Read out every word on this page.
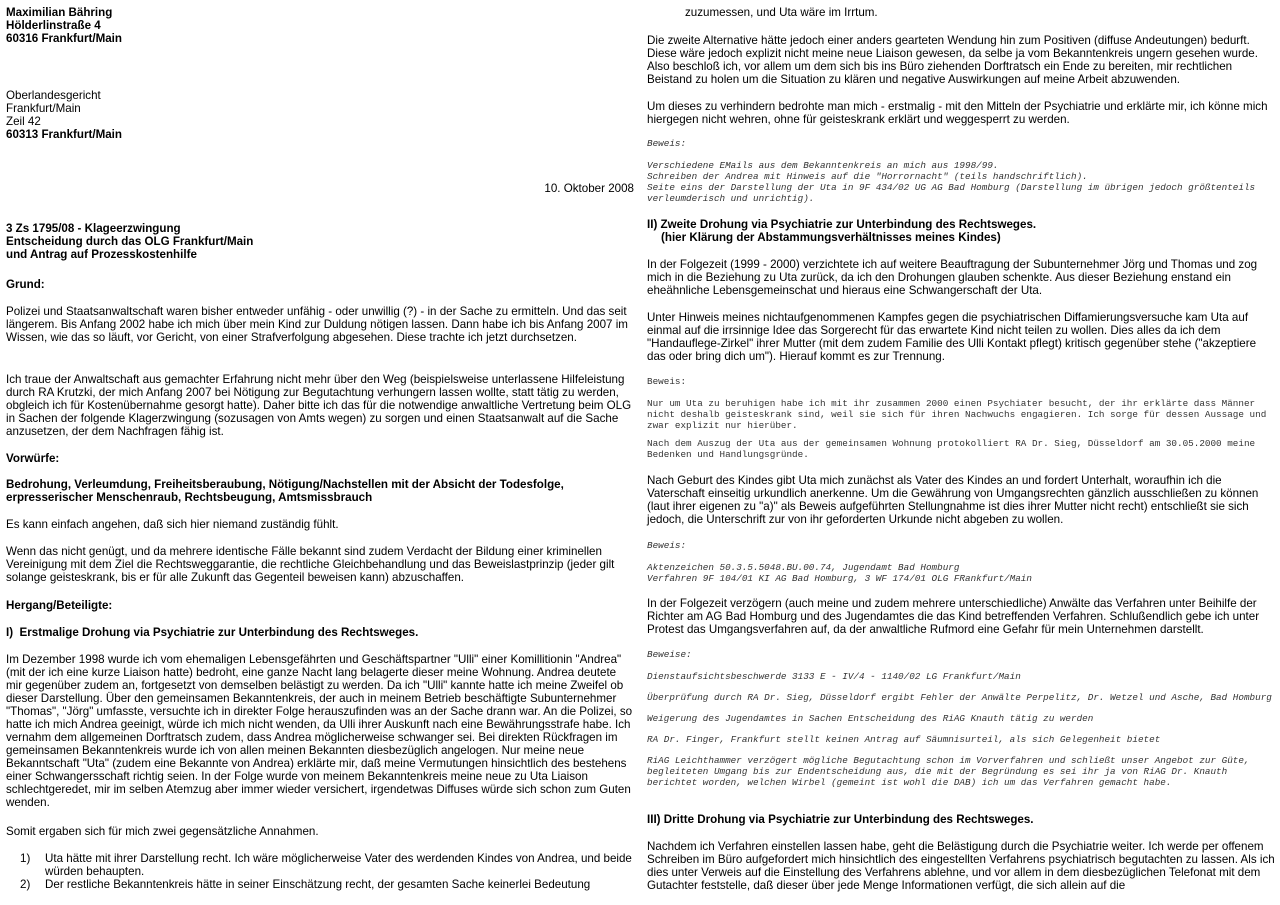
Maximilian Bähring

Hölderlinstraße 4

60316 Frankfurt/Main

Oberlandesgericht

Frankfurt/Main

Zeil 42

60313 Frankfurt/Main

10. Oktober 2008

3 Zs 1795/08 - Klageerzwingung

Entscheidung durch das OLG Frankfurt/Main

und Antrag auf Prozesskostenhilfe

Grund:

Polizei und Staatsanwaltschaft waren bisher entweder unfähig - oder unwillig (?) - in der Sache zu ermitteln. Und das seit längerem. Bis Anfang 2002 habe ich mich über mein Kind zur Duldung nötigen lassen. Dann habe ich bis Anfang 2007 im Wissen, wie das so läuft, vor Gericht, von einer Strafverfolgung abgesehen. Diese trachte ich jetzt durchsetzen.

Ich traue der Anwaltschaft aus gemachter Erfahrung nicht mehr über den Weg (beispielsweise unterlassene Hilfeleistung durch RA Krutzki, der mich Anfang 2007 bei Nötigung zur Begutachtung verhungern lassen wollte, statt tätig zu werden, obgleich ich für Kostenübernahme gesorgt hatte). Daher bitte ich das für die notwendige anwaltliche Vertretung beim OLG in Sachen der folgende Klagerzwingung (sozusagen von Amts wegen) zu sorgen und einen Staatsanwalt auf die Sache anzusetzen, der dem Nachfragen fähig ist.

Vorwürfe:

Bedrohung, Verleumdung, Freiheitsberaubung, Nötigung/Nachstellen mit der Absicht der Todesfolge, erpresserischer Menschenraub, Rechtsbeugung, Amtsmissbrauch

Es kann einfach angehen, daß sich hier niemand zuständig fühlt.

Wenn das nicht genügt, und da mehrere identische Fälle bekannt sind zudem Verdacht der Bildung einer kriminellen Vereinigung mit dem Ziel die Rechtsweggarantie, die rechtliche Gleichbehandlung und das Beweislastprinzip (jeder gilt solange geisteskrank, bis er für alle Zukunft das Gegenteil beweisen kann) abzuschaffen.

Hergang/Beteiligte:

I)  Erstmalige Drohung via Psychiatrie zur Unterbindung des Rechtsweges.

Im Dezember 1998 wurde ich vom ehemaligen Lebensgefährten und Geschäftspartner "Ulli" einer Komillitionin "Andrea" (mit der ich eine kurze Liaison hatte) bedroht, eine ganze Nacht lang belagerte dieser meine Wohnung. Andrea deutete mir gegenüber zudem an, fortgesetzt von demselben belästigt zu werden. Da ich "Ulli" kannte hatte ich meine Zweifel ob dieser Darstellung. Über den gemeinsamen Bekanntenkreis, der auch in meinem Betrieb beschäftigte Subunternehmer "Thomas", "Jörg" umfasste, versuchte ich in direkter Folge herauszufinden was an der Sache drann war. An die Polizei, so hatte ich mich Andrea geeinigt, würde ich mich nicht wenden, da Ulli ihrer Auskunft nach eine Bewährungsstrafe habe. Ich vernahm dem allgemeinen Dorftratsch zudem, dass Andrea möglicherweise schwanger sei. Bei direkten Rückfragen im gemeinsamen Bekanntenkreis wurde ich von allen meinen Bekannten diesbezüglich angelogen. Nur meine neue Bekanntschaft "Uta" (zudem eine Bekannte von Andrea) erklärte mir, daß meine Vermutungen hinsichtlich des bestehens einer Schwangersschaft richtig seien. In der Folge wurde von meinem Bekanntenkreis meine neue zu Uta Liaison schlechtgeredet, mir im selben Atemzug aber immer wieder versichert, irgendetwas Diffuses würde sich schon zum Guten wenden.

Somit ergaben sich für mich zwei gegensätzliche Annahmen.

1) Uta hätte mit ihrer Darstellung recht. Ich wäre möglicherweise Vater des werdenden Kindes von Andrea, und beide würden behaupten.
2) Der restliche Bekanntenkreis hätte in seiner Einschätzung recht, der gesamten Sache keinerlei Bedeutung

zuzumessen, und Uta wäre im Irrtum.

Die zweite Alternative hätte jedoch einer anders gearteten Wendung hin zum Positiven (diffuse Andeutungen) bedurft. Diese wäre jedoch explizit nicht meine neue Liaison gewesen, da selbe ja vom Bekanntenkreis ungern gesehen wurde. Also beschloß ich, vor allem um dem sich bis ins Büro ziehenden Dorftratsch ein Ende zu bereiten, mir rechtlichen Beistand zu holen um die Situation zu klären und negative Auswirkungen auf meine Arbeit abzuwenden.

Um dieses zu verhindern bedrohte man mich - erstmalig - mit den Mitteln der Psychiatrie und erklärte mir, ich könne mich hiergegen nicht wehren, ohne für geisteskrank erklärt und weggesperrt zu werden.

Beweis:

Verschiedene EMails aus dem Bekanntenkreis an mich aus 1998/99.
Schreiben der Andrea mit Hinweis auf die "Horrornacht" (teils handschriftlich).
Seite eins der Darstellung der Uta in 9F 434/02 UG AG Bad Homburg (Darstellung im übrigen jedoch größtenteils verleumderisch und unrichtig).

II) Zweite Drohung via Psychiatrie zur Unterbindung des Rechtsweges.
(hier Klärung der Abstammungsverhältnisses meines Kindes)

In der Folgezeit (1999 - 2000) verzichtete ich auf weitere Beauftragung der Subunternehmer Jörg und Thomas und zog mich in die Beziehung zu Uta zurück, da ich den Drohungen glauben schenkte. Aus dieser Beziehung enstand ein eheähnliche Lebensgemeinschat und hieraus eine Schwangerschaft der Uta.

Unter Hinweis meines nichtaufgenommenen Kampfes gegen die psychiatrischen Diffamierungsversuche kam Uta auf einmal auf die irrsinnige Idee das Sorgerecht für das erwartete Kind nicht teilen zu wollen. Dies alles da ich dem "Handauflege-Zirkel" ihrer Mutter (mit dem zudem Familie des Ulli Kontakt pflegt) kritisch gegenüber stehe ("akzeptiere das oder bring dich um"). Hierauf kommt es zur Trennung.

Beweis:

Nur um Uta zu beruhigen habe ich mit ihr zusammen 2000 einen Psychiater besucht, der ihr erklärte dass Männer nicht deshalb geisteskrank sind, weil sie sich für ihren Nachwuchs engagieren. Ich sorge für dessen Aussage und zwar explizit nur hierüber.

Nach dem Auszug der Uta aus der gemeinsamen Wohnung protokolliert RA Dr. Sieg, Düsseldorf am 30.05.2000 meine Bedenken und Handlungsgründe.

Nach Geburt des Kindes gibt Uta mich zunächst als Vater des Kindes an und fordert Unterhalt, woraufhin ich die Vaterschaft einseitig urkundlich anerkenne. Um die Gewährung von Umgangsrechten gänzlich ausschließen zu können (laut ihrer eigenen zu "a)" als Beweis aufgeführten Stellungnahme ist dies ihrer Mutter nicht recht) entschließt sie sich jedoch, die Unterschrift zur von ihr geforderten Urkunde nicht abgeben zu wollen.

Beweis:

Aktenzeichen 50.3.5.5048.BU.00.74, Jugendamt Bad Homburg
Verfahren 9F 104/01 KI AG Bad Homburg, 3 WF 174/01 OLG FRankfurt/Main

In der Folgezeit verzögern (auch meine und zudem mehrere unterschiedliche) Anwälte das Verfahren unter Beihilfe der Richter am AG Bad Homburg und des Jugendamtes die das Kind betreffenden Verfahren. Schlußendlich gebe ich unter Protest das Umgangsverfahren auf, da der anwaltliche Rufmord eine Gefahr für mein Unternehmen darstellt.

Beweise:

Dienstaufsichtsbeschwerde 3133 E - IV/4 - 1140/02 LG Frankfurt/Main

Überprüfung durch RA Dr. Sieg, Düsseldorf ergibt Fehler der Anwälte Perpelitz, Dr. Wetzel und Asche, Bad Homburg

Weigerung des Jugendamtes in Sachen Entscheidung des RiAG Knauth tätig zu werden

RA Dr. Finger, Frankfurt stellt keinen Antrag auf Säumnisurteil, als sich Gelegenheit bietet

RiAG Leichthammer verzögert mögliche Begutachtung schon im Vorverfahren und schließt unser Angebot zur Güte, begleiteten Umgang bis zur Endentscheidung aus, die mit der Begründung es sei ihr ja von RiAG Dr. Knauth berichtet worden, welchen Wirbel (gemeint ist wohl die DAB) ich um das Verfahren gemacht habe.

III) Dritte Drohung via Psychiatrie zur Unterbindung des Rechtsweges.

Nachdem ich Verfahren einstellen lassen habe, geht die Belästigung durch die Psychiatrie weiter. Ich werde per offenem Schreiben im Büro aufgefordert mich hinsichtlich des eingestellten Verfahrens psychiatrisch begutachten zu lassen. Als ich dies unter Verweis auf die Einstellung des Verfahrens ablehne, und vor allem in dem diesbezüglichen Telefonat mit dem Gutachter feststelle, daß dieser über jede Menge Informationen verfügt, die sich allein auf die
